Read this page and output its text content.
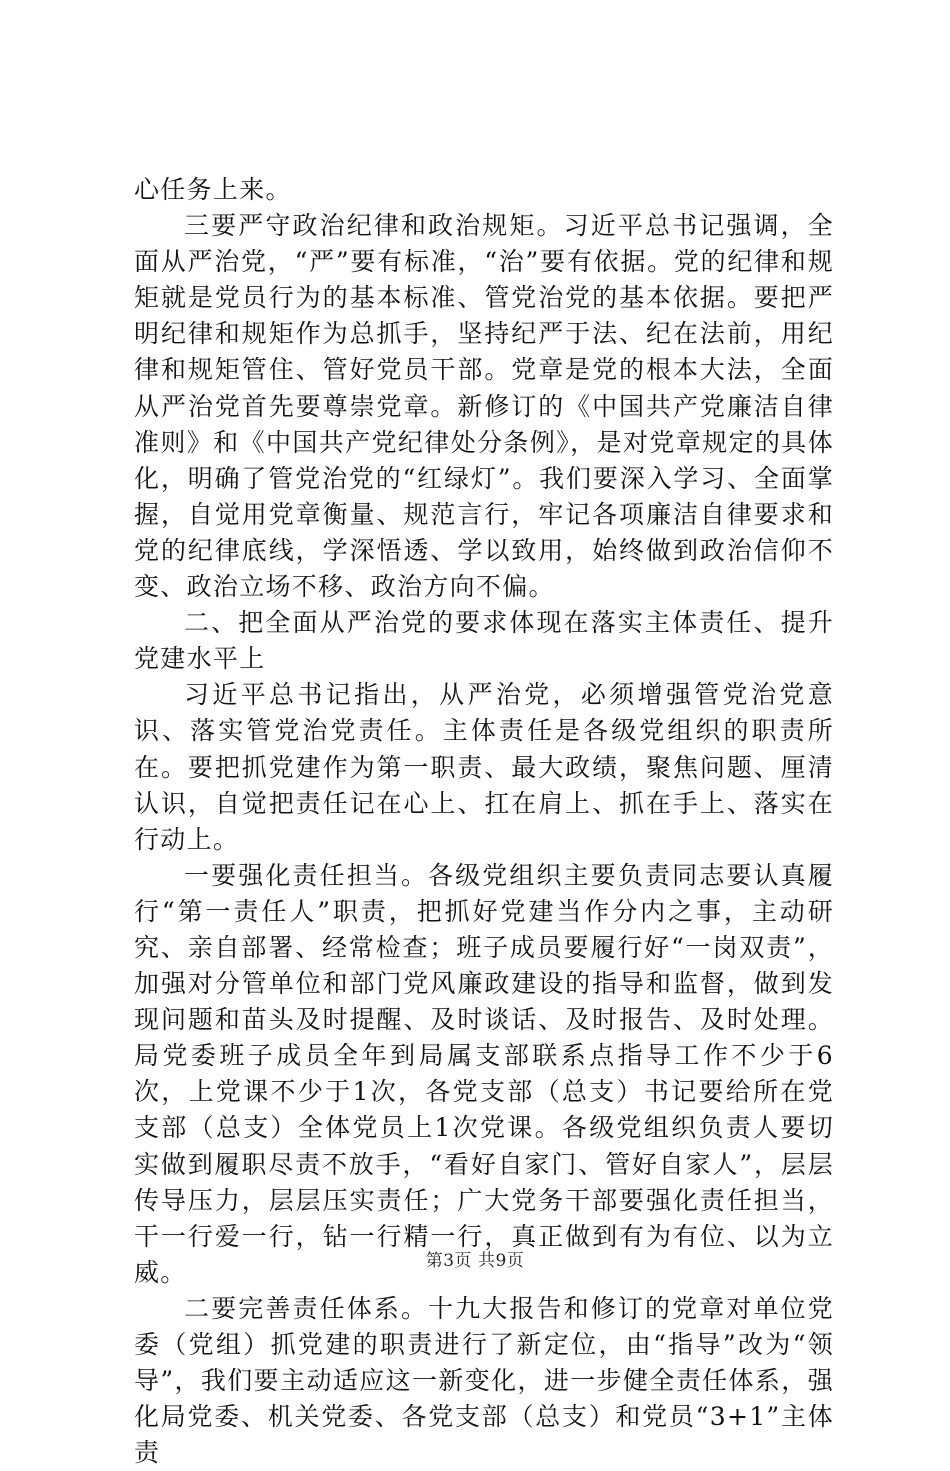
心任务上来。

三要严守政治纪律和政治规矩。习近平总书记强调，全面从严治党，“严”要有标准，“治”要有依据。党的纪律和规矩就是党员行为的基本标准、管党治党的基本依据。要把严明纪律和规矩作为总抓手，坚持纪严于法、纪在法前，用纪律和规矩管住、管好党员干部。党章是党的根本大法，全面从严治党首先要尊崇党章。新修订的《中国共产党廉洁自律准则》和《中国共产党纪律处分条例》，是对党章规定的具体化，明确了管党治党的“红绿灯”。我们要深入学习、全面掌握，自觉用党章衡量、规范言行，牢记各项廉洁自律要求和党的纪律底线，学深悟透、学以致用，始终做到政治信仰不变、政治立场不移、政治方向不偏。

二、把全面从严治党的要求体现在落实主体责任、提升党建水平上

习近平总书记指出，从严治党，必须增强管党治党意识、落实管党治党责任。主体责任是各级党组织的职责所在。要把抓党建作为第一职责、最大政绩，聚焦问题、厘清认识，自觉把责任记在心上、扛在肩上、抓在手上、落实在行动上。

一要强化责任担当。各级党组织主要负责同志要认真履行“第一责任人”职责，把抓好党建当作分内之事，主动研究、亲自部署、经常检查；班子成员要履行好“一岗双责”，加强对分管单位和部门党风廉政建设的指导和监督，做到发现问题和苗头及时提醒、及时谈话、及时报告、及时处理。局党委班子成员全年到局属支部联系点指导工作不少于6次，上党课不少于1次，各党支部（总支）书记要给所在党支部（总支）全体党员上1次党课。各级党组织负责人要切实做到履职尽责不放手，“看好自家门、管好自家人”，层层传导压力，层层压实责任；广大党务干部要强化责任担当，干一行爱一行，钻一行精一行，真正做到有为有位、以为立威。

二要完善责任体系。十九大报告和修订的党章对单位党委（党组）抓党建的职责进行了新定位，由“指导”改为“领导”，我们要主动适应这一新变化，进一步健全责任体系，强化局党委、机关党委、各党支部（总支）和党员“3+1”主体责

第3页 共9页
